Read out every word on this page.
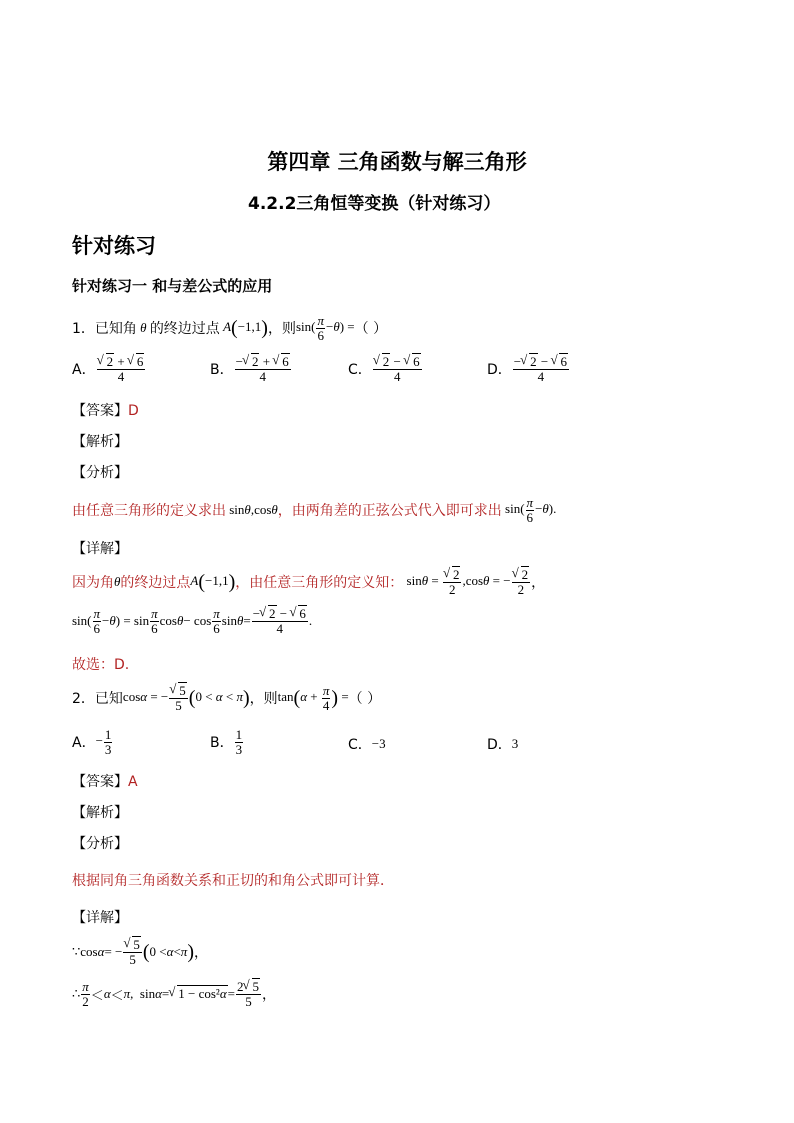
第四章 三角函数与解三角形
4.2.2三角恒等变换（针对练习）
针对练习
针对练习一 和与差公式的应用
1．已知角 θ 的终边过点 A(−1,1) ，则 $\sin( \frac{\pi}{6} -\theta)$ = （ ）
A． √ $\frac{2 + √ 6}{4}$	B． $\frac{- √ 2 + √ 6}{4}$	C． √ $\frac{2 - √ 6}{4}$	D． $\frac{- √ 2 - √ 6}{4}$
【答案】D
【解析】
【分析】
由任意三角形的定义求出 sinθ,cosθ ，由两角差的正弦公式代入即可求出 $\sin( \frac{\pi}{6} -\theta)$.
【详解】
因为角 θ 的终边过点 A(−1,1) ，由任意三角形的定义知： sinθ = √ $\frac{2}{2} ,\cos\theta$ = − √ $\frac{2}{2}$ ，
$\sin( \frac{\pi}{6} - \theta$ ) = $\sin \frac{\pi}{6}$ $\cos \theta - \cos \frac{\pi}{6}$ $\sin \theta = \frac{- √ 2 - √ 6}{4}$ .
故选：D.
2．已知 cosα = − √ $\frac{5}{5} (0 < \alpha < \pi)$ ，则 $\tan(\alpha + \frac{\pi}{4}$ ) = （ ）
A． − $\frac{1}{3}$	B． $\frac{1}{3}$	C． −3	D． 3
【答案】A
【解析】
【分析】
根据同角三角函数关系和正切的和角公式即可计算．
【详解】
∵cos α = − √ $\frac{5}{5}$ ( 0 < α < π ) ，
∴ $\frac{\pi}{2} < \alpha < \pi$ ,  sin α = √ $1 - \cos^2\alpha = \frac{2 √ 5}{5}$ ，
